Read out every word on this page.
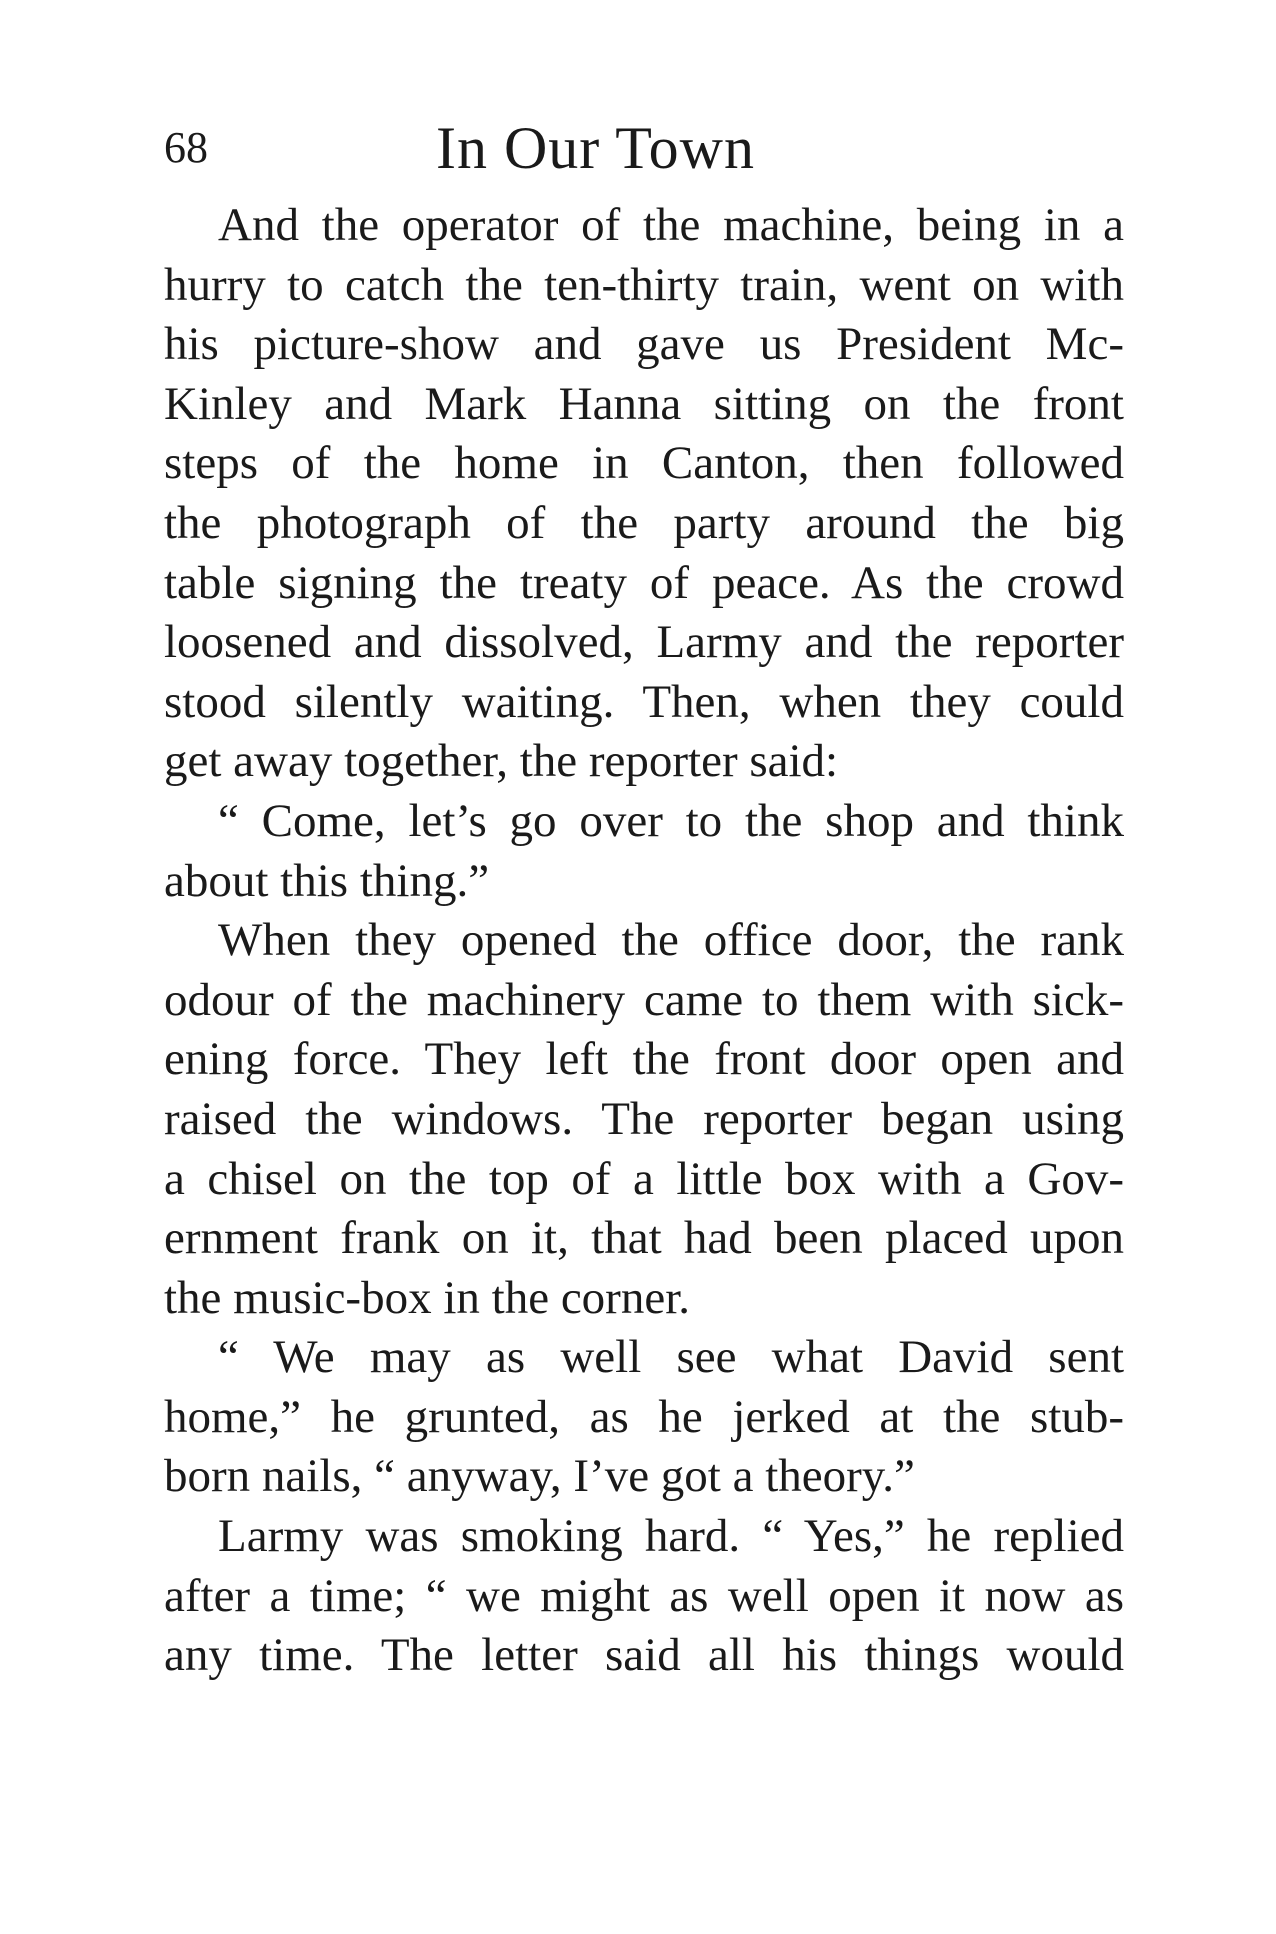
68	In Our Town
And the operator of the machine, being in a
hurry to catch the ten-thirty train, went on with
his picture-show and gave us President Mc-
Kinley and Mark Hanna sitting on the front
steps of the home in Canton, then followed
the photograph of the party around the big
table signing the treaty of peace. As the crowd
loosened and dissolved, Larmy and the reporter
stood silently waiting. Then, when they could
get away together, the reporter said:
“ Come, let’s go over to the shop and think
about this thing.”
When they opened the office door, the rank
odour of the machinery came to them with sick-
ening force. They left the front door open and
raised the windows. The reporter began using
a chisel on the top of a little box with a Gov-
ernment frank on it, that had been placed upon
the music-box in the corner.
“ We may as well see what David sent
home,” he grunted, as he jerked at the stub-
born nails, “ anyway, I’ve got a theory.”
Larmy was smoking hard. “ Yes,” he replied
after a time; “ we might as well open it now as
any time. The letter said all his things would
